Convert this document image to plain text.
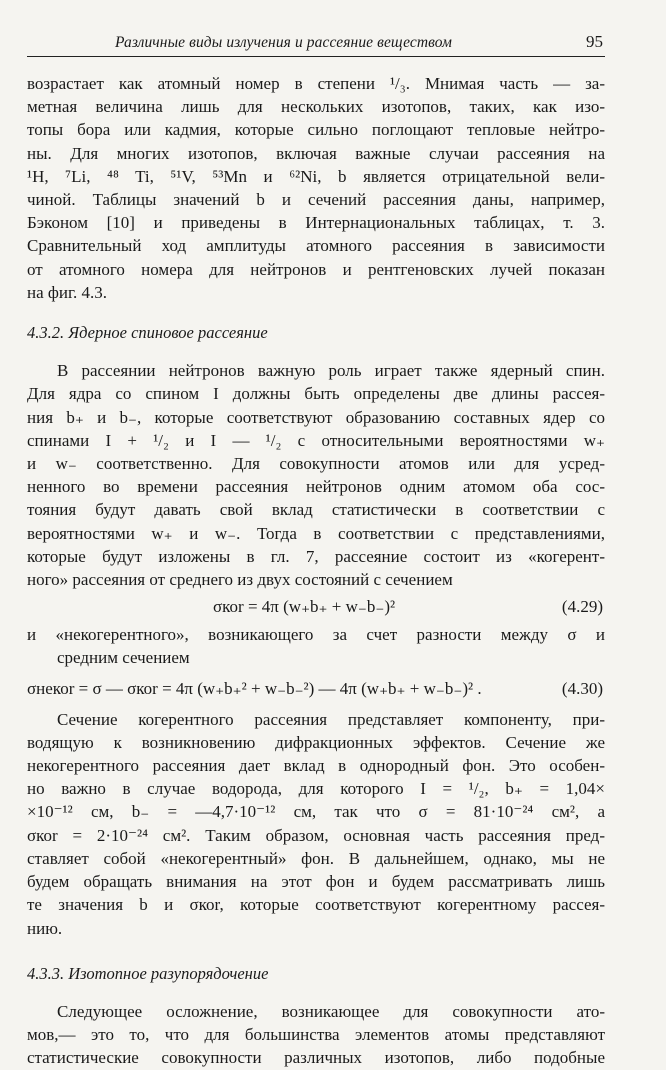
Различные виды излучения и рассеяние веществом	95
возрастает как атомный номер в степени ¹/₃. Мнимая часть — за-
метная величина лишь для нескольких изотопов, таких, как изо-
топы бора или кадмия, которые сильно поглощают тепловые нейтро-
ны. Для многих изотопов, включая важные случаи рассеяния на
¹H, ⁷Li, ⁴⁸ Ti, ⁵¹V, ⁵³Mn и ⁶²Ni, b является отрицательной вели-
чиной. Таблицы значений b и сечений рассеяния даны, например,
Бэконом [10] и приведены в Интернациональных таблицах, т. 3.
Сравнительный ход амплитуды атомного рассеяния в зависимости
от атомного номера для нейтронов и рентгеновских лучей показан
на фиг. 4.3.
4.3.2. Ядерное спиновое рассеяние
В рассеянии нейтронов важную роль играет также ядерный спин.
Для ядра со спином I должны быть определены две длины рассея-
ния b₊ и b₋, которые соответствуют образованию составных ядер со
спинами I + ¹/₂ и I — ¹/₂ с относительными вероятностями w₊
и w₋ соответственно. Для совокупности атомов или для усред-
ненного во времени рассеяния нейтронов одним атомом оба сос-
тояния будут давать свой вклад статистически в соответствии с
вероятностями w₊ и w₋. Тогда в соответствии с представлениями,
которые будут изложены в гл. 7, рассеяние состоит из «когерент-
ного» рассеяния от среднего из двух состояний с сечением
σкоr = 4π (w₊b₊ + w₋b₋)²	(4.29)
и «некогерентного», возникающего за счет разности между σ и
средним сечением
σнекоr = σ — σкоr = 4π (w₊b₊² + w₋b₋²) — 4π (w₊b₊ + w₋b₋)² .	(4.30)
Сечение когерентного рассеяния представляет компоненту, при-
водящую к возникновению дифракционных эффектов. Сечение же
некогерентного рассеяния дает вклад в однородный фон. Это особен-
но важно в случае водорода, для которого I = ¹/₂, b₊ = 1,04×
×10⁻¹² см, b₋ = —4,7·10⁻¹² см, так что σ = 81·10⁻²⁴ см², а
σкоr = 2·10⁻²⁴ см². Таким образом, основная часть рассеяния пред-
ставляет собой «некогерентный» фон. В дальнейшем, однако, мы не
будем обращать внимания на этот фон и будем рассматривать лишь
те значения b и σкоr, которые соответствуют когерентному рассея-
нию.
4.3.3. Изотопное разупорядочение
Следующее осложнение, возникающее для совокупности ато-
мов,— это то, что для большинства элементов атомы представляют
статистические совокупности различных изотопов, либо подобные
